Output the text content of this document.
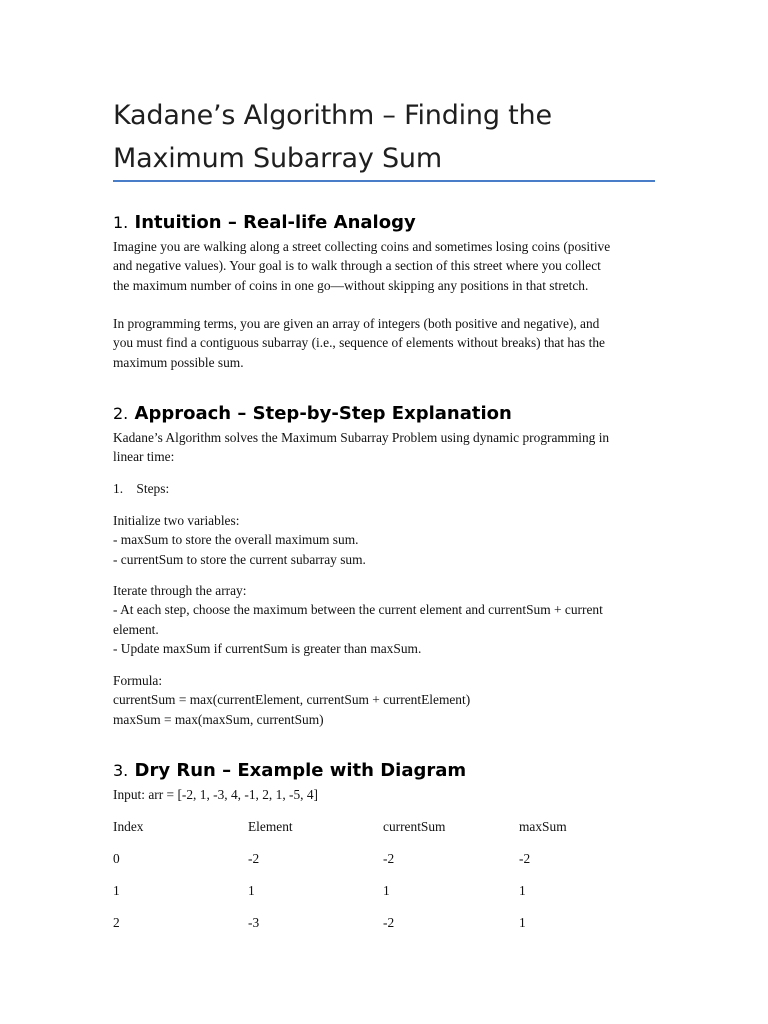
Kadane’s Algorithm – Finding the
Maximum Subarray Sum
1. Intuition – Real-life Analogy
Imagine you are walking along a street collecting coins and sometimes losing coins (positive
and negative values). Your goal is to walk through a section of this street where you collect
the maximum number of coins in one go—without skipping any positions in that stretch.
In programming terms, you are given an array of integers (both positive and negative), and
you must find a contiguous subarray (i.e., sequence of elements without breaks) that has the
maximum possible sum.
2. Approach – Step-by-Step Explanation
Kadane’s Algorithm solves the Maximum Subarray Problem using dynamic programming in
linear time:
1.    Steps:
Initialize two variables:
- maxSum to store the overall maximum sum.
- currentSum to store the current subarray sum.
Iterate through the array:
- At each step, choose the maximum between the current element and currentSum + current
element.
- Update maxSum if currentSum is greater than maxSum.
Formula:
currentSum = max(currentElement, currentSum + currentElement)
maxSum = max(maxSum, currentSum)
3. Dry Run – Example with Diagram
Input: arr = [-2, 1, -3, 4, -1, 2, 1, -5, 4]
Index	Element	currentSum	maxSum
0	-2	-2	-2
1	1	1	1
2	-3	-2	1
